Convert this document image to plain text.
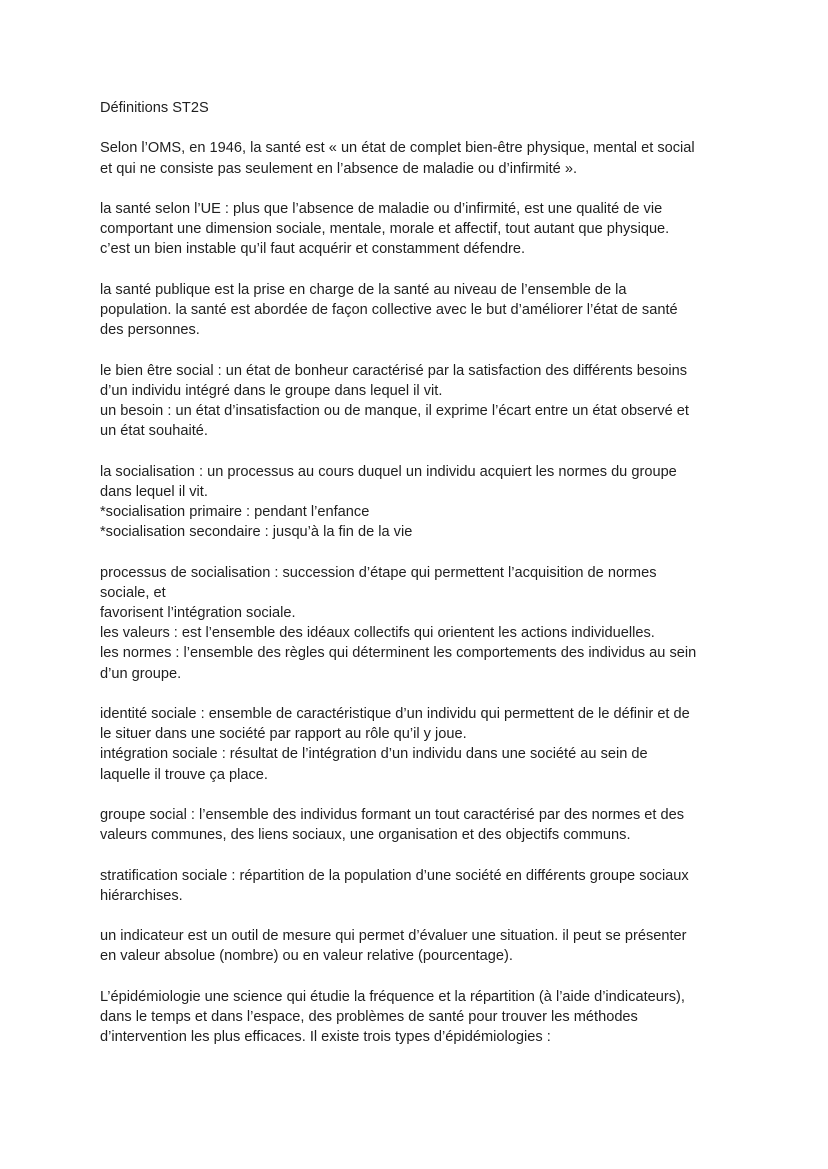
Définitions ST2S
Selon l’OMS, en 1946, la santé est « un état de complet bien-être physique, mental et social
et qui ne consiste pas seulement en l’absence de maladie ou d’infirmité ».
la santé selon l’UE : plus que l’absence de maladie ou d’infirmité, est une qualité de vie
comportant une dimension sociale, mentale, morale et affectif, tout autant que physique.
c’est un bien instable qu’il faut acquérir et constamment défendre.
la santé publique est la prise en charge de la santé au niveau de l’ensemble de la
population. la santé est abordée de façon collective avec le but d’améliorer l’état de santé
des personnes.
le bien être social : un état de bonheur caractérisé par la satisfaction des différents besoins
d’un individu intégré dans le groupe dans lequel il vit.
un besoin : un état d’insatisfaction ou de manque, il exprime l’écart entre un état observé et
un état souhaité.
la socialisation : un processus au cours duquel un individu acquiert les normes du groupe
dans lequel il vit.
*socialisation primaire : pendant l’enfance
*socialisation secondaire : jusqu’à la fin de la vie
processus de socialisation : succession d’étape qui permettent l’acquisition de normes
sociale, et
favorisent l’intégration sociale.
les valeurs : est l’ensemble des idéaux collectifs qui orientent les actions individuelles.
les normes : l’ensemble des règles qui déterminent les comportements des individus au sein
d’un groupe.
identité sociale : ensemble de caractéristique d’un individu qui permettent de le définir et de
le situer dans une société par rapport au rôle qu’il y joue.
intégration sociale : résultat de l’intégration d’un individu dans une société au sein de
laquelle il trouve ça place.
groupe social : l’ensemble des individus formant un tout caractérisé par des normes et des
valeurs communes, des liens sociaux, une organisation et des objectifs communs.
stratification sociale : répartition de la population d’une société en différents groupe sociaux
hiérarchises.
un indicateur est un outil de mesure qui permet d’évaluer une situation. il peut se présenter
en valeur absolue (nombre) ou en valeur relative (pourcentage).
L’épidémiologie une science qui étudie la fréquence et la répartition (à l’aide d’indicateurs),
dans le temps et dans l’espace, des problèmes de santé pour trouver les méthodes
d’intervention les plus efficaces. Il existe trois types d’épidémiologies :
